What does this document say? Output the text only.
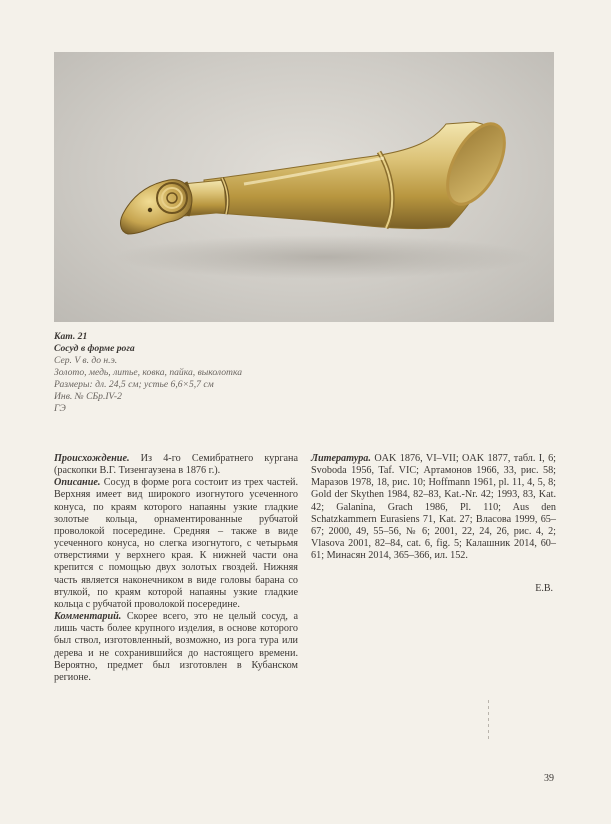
Кат. 21
Сосуд в форме рога
Сер. V в. до н.э.
Золото, медь, литье, ковка, пайка, выколотка
Размеры: дл. 24,5 см; устье 6,6×5,7 см
Инв. № СБр.IV-2
ГЭ

Происхождение. Из 4-го Семибратнего кургана (раскопки В.Г. Тизенгаузена в 1876 г.).

Описание. Сосуд в форме рога состоит из трех частей. Верхняя имеет вид широкого изогнутого усеченного конуса, по краям которого напаяны узкие гладкие золотые кольца, орнаментированные рубчатой проволокой посередине. Средняя – также в виде усеченного конуса, но слегка изогнутого, с четырьмя отверстиями у верхнего края. К нижней части она крепится с помощью двух золотых гвоздей. Нижняя часть является наконечником в виде головы барана со втулкой, по краям которой напаяны узкие гладкие кольца с рубчатой проволокой посередине.

Комментарий. Скорее всего, это не целый сосуд, а лишь часть более крупного изделия, в основе которого был ствол, изготовленный, возможно, из рога тура или дерева и не сохранившийся до настоящего времени. Вероятно, предмет был изготовлен в Кубанском регионе.

Литература. OAK 1876, VI–VII; OAK 1877, табл. I, 6; Svoboda 1956, Taf. VIC; Артамонов 1966, 33, рис. 58; Маразов 1978, 18, рис. 10; Hoffmann 1961, pl. 11, 4, 5, 8; Gold der Skythen 1984, 82–83, Kat.-Nr. 42; 1993, 83, Kat. 42; Galanina, Grach 1986, Pl. 110; Aus den Schatzkammern Eurasiens 71, Kat. 27; Власова 1999, 65–67; 2000, 49, 55–56, № 6; 2001, 22, 24, 26, рис. 4, 2; Vlasova 2001, 82–84, cat. 6, fig. 5; Калашник 2014, 60–61; Минасян 2014, 365–366, ил. 152.

Е.В.
39
